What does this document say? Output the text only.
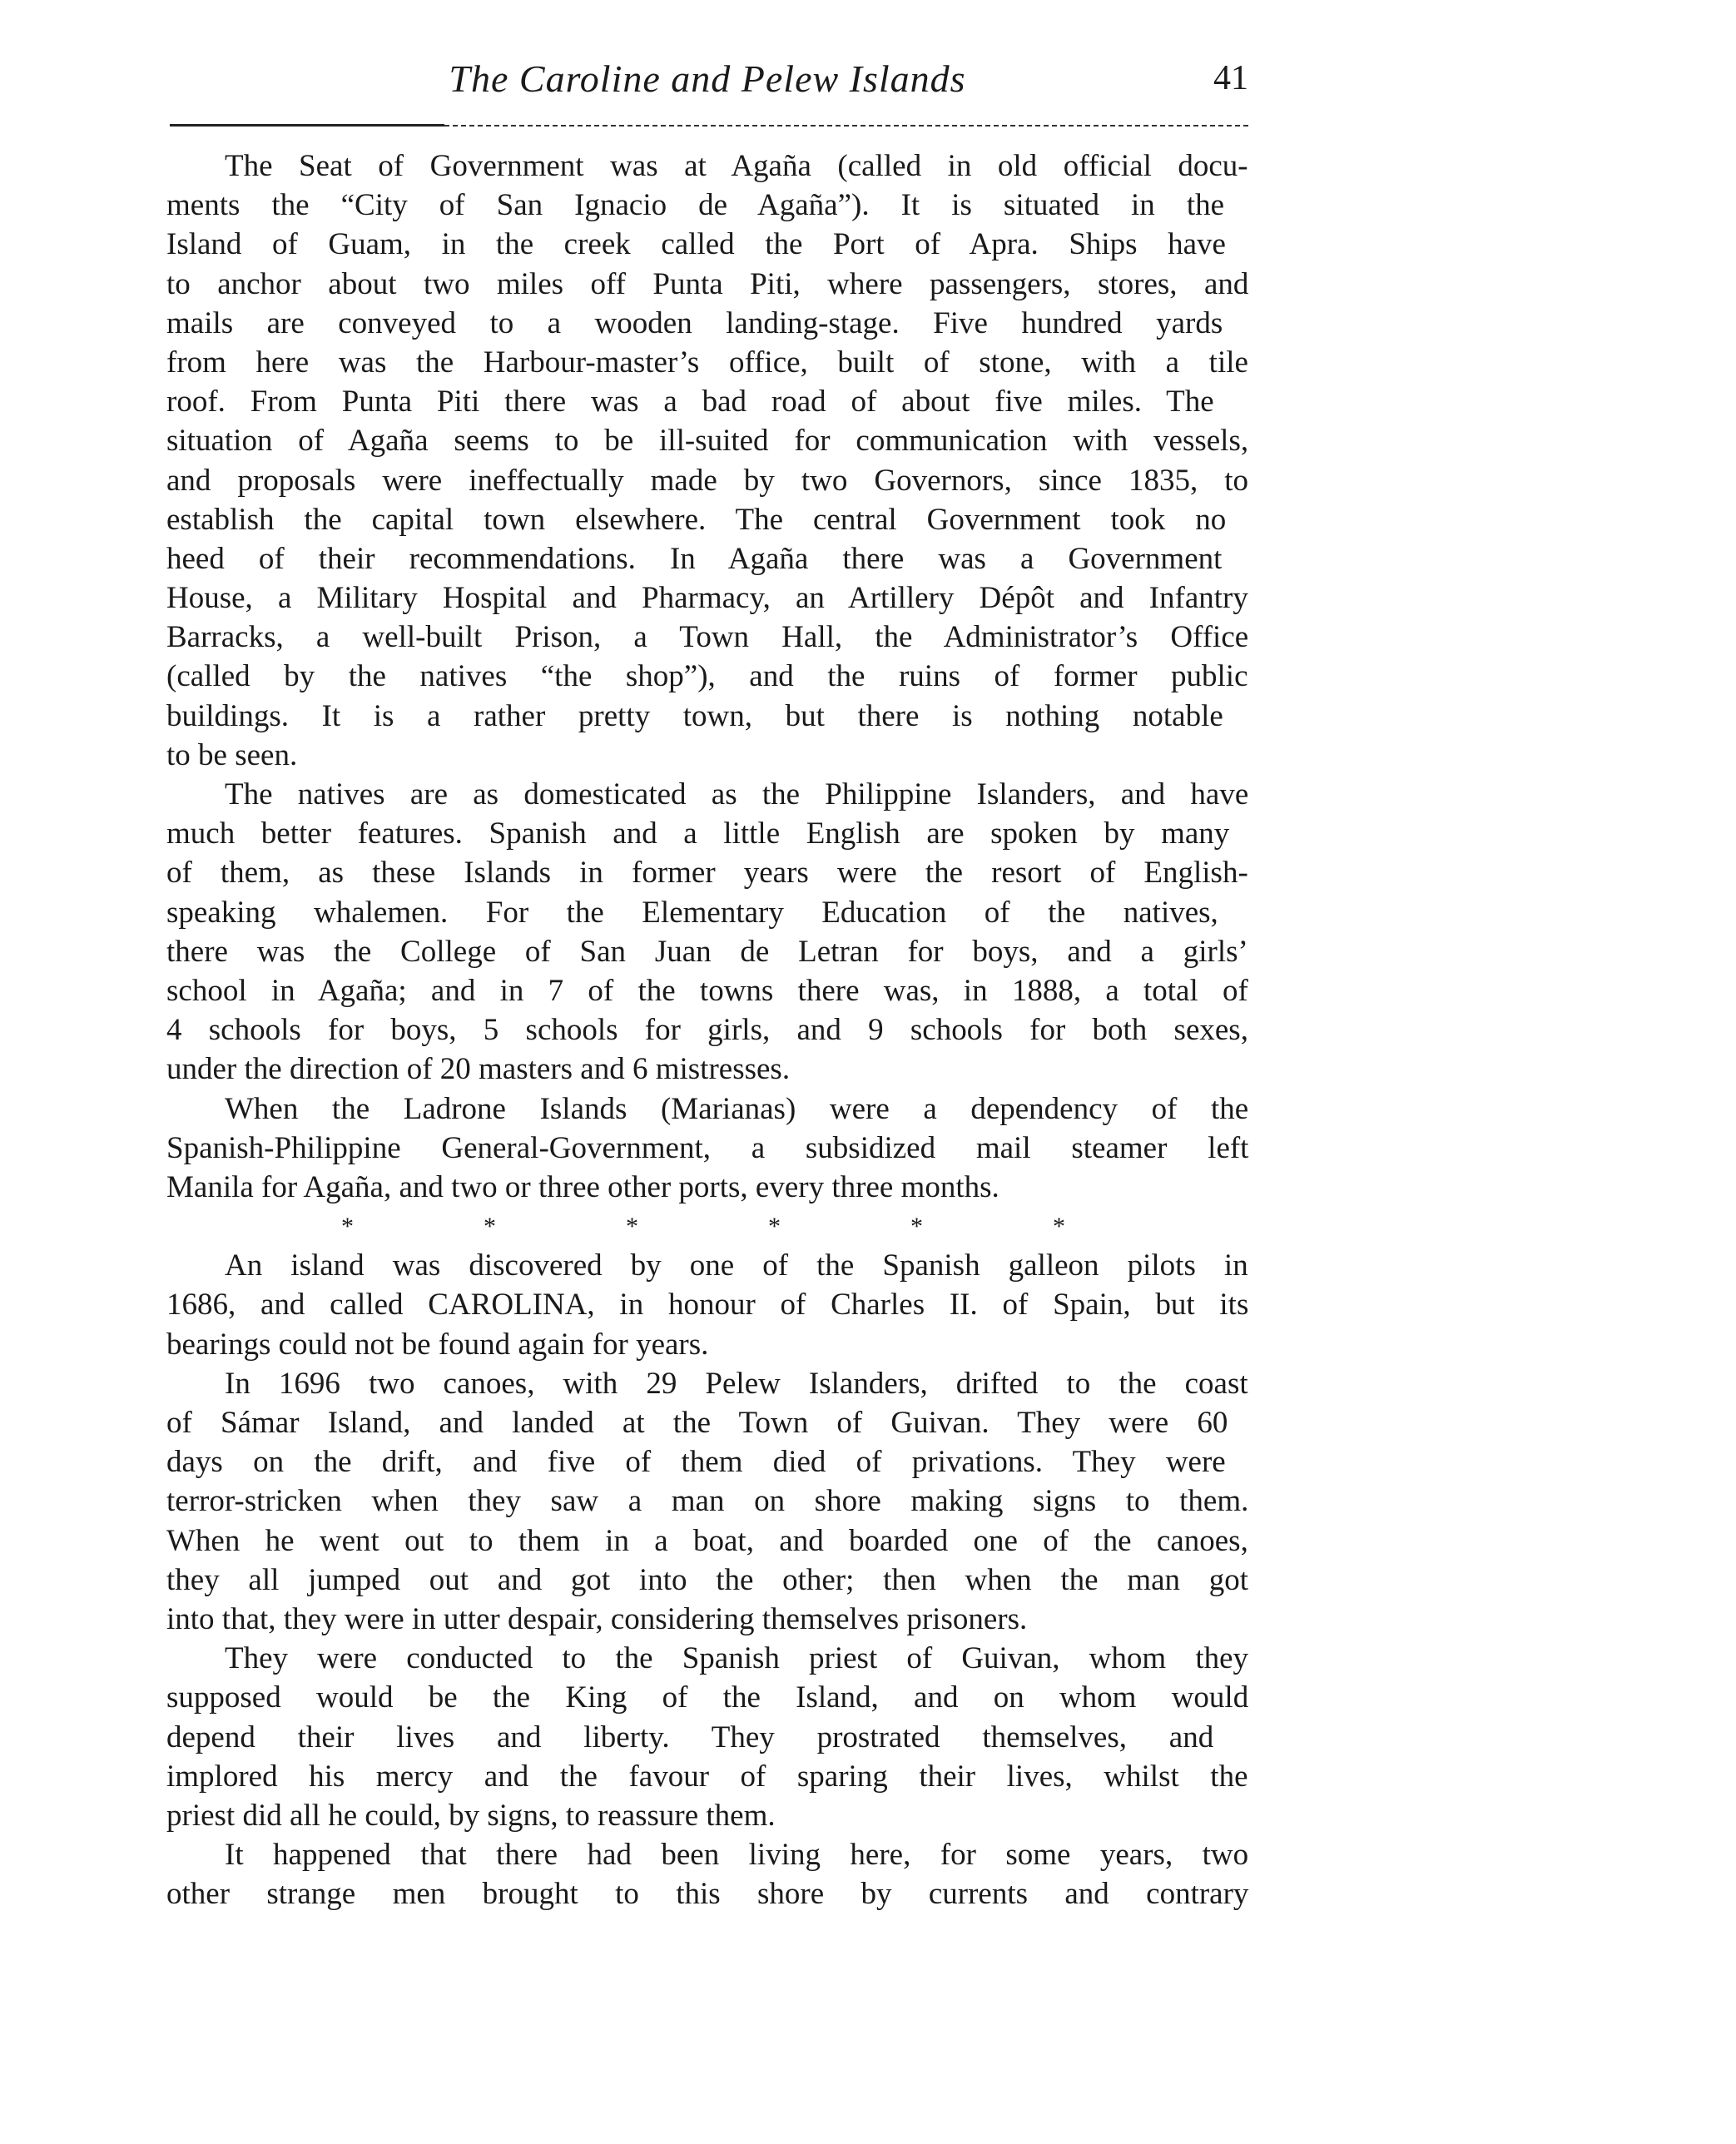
The Caroline and Pelew Islands	41
The Seat of Government was at Agaña (called in old official docu-
ments the “City of San Ignacio de Agaña”). It is situated in the
Island of Guam, in the creek called the Port of Apra. Ships have
to anchor about two miles off Punta Piti, where passengers, stores, and
mails are conveyed to a wooden landing-stage. Five hundred yards
from here was the Harbour-master’s office, built of stone, with a tile
roof. From Punta Piti there was a bad road of about five miles. The
situation of Agaña seems to be ill-suited for communication with vessels,
and proposals were ineffectually made by two Governors, since 1835, to
establish the capital town elsewhere. The central Government took no
heed of their recommendations. In Agaña there was a Government
House, a Military Hospital and Pharmacy, an Artillery Dépôt and Infantry
Barracks, a well-built Prison, a Town Hall, the Administrator’s Office
(called by the natives “the shop”), and the ruins of former public
buildings. It is a rather pretty town, but there is nothing notable
to be seen.
The natives are as domesticated as the Philippine Islanders, and have
much better features. Spanish and a little English are spoken by many
of them, as these Islands in former years were the resort of English-
speaking whalemen. For the Elementary Education of the natives,
there was the College of San Juan de Letran for boys, and a girls’
school in Agaña; and in 7 of the towns there was, in 1888, a total of
4 schools for boys, 5 schools for girls, and 9 schools for both sexes,
under the direction of 20 masters and 6 mistresses.
When the Ladrone Islands (Marianas) were a dependency of the
Spanish-Philippine General-Government, a subsidized mail steamer left
Manila for Agaña, and two or three other ports, every three months.
*	*	*	*	*	*
An island was discovered by one of the Spanish galleon pilots in
1686, and called CAROLINA, in honour of Charles II. of Spain, but its
bearings could not be found again for years.
In 1696 two canoes, with 29 Pelew Islanders, drifted to the coast
of Sámar Island, and landed at the Town of Guivan. They were 60
days on the drift, and five of them died of privations. They were
terror-stricken when they saw a man on shore making signs to them.
When he went out to them in a boat, and boarded one of the canoes,
they all jumped out and got into the other; then when the man got
into that, they were in utter despair, considering themselves prisoners.
They were conducted to the Spanish priest of Guivan, whom they
supposed would be the King of the Island, and on whom would
depend their lives and liberty. They prostrated themselves, and
implored his mercy and the favour of sparing their lives, whilst the
priest did all he could, by signs, to reassure them.
It happened that there had been living here, for some years, two
other strange men brought to this shore by currents and contrary
